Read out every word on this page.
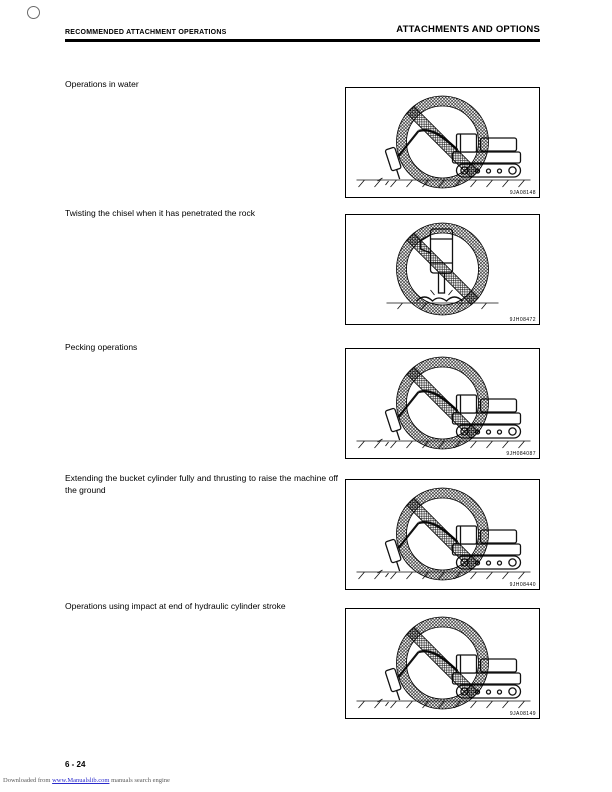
RECOMMENDED ATTACHMENT OPERATIONS	ATTACHMENTS AND OPTIONS
Operations in water
9JA08148
Twisting the chisel when it has penetrated the rock
9JH08472
Pecking operations
9JH084087
Extending the bucket cylinder fully and thrusting to raise the machine off the ground
9JH08440
Operations using impact at end of hydraulic cylinder stroke
9JA08149
6 - 24
Downloaded from www.Manualslib.com manuals search engine
